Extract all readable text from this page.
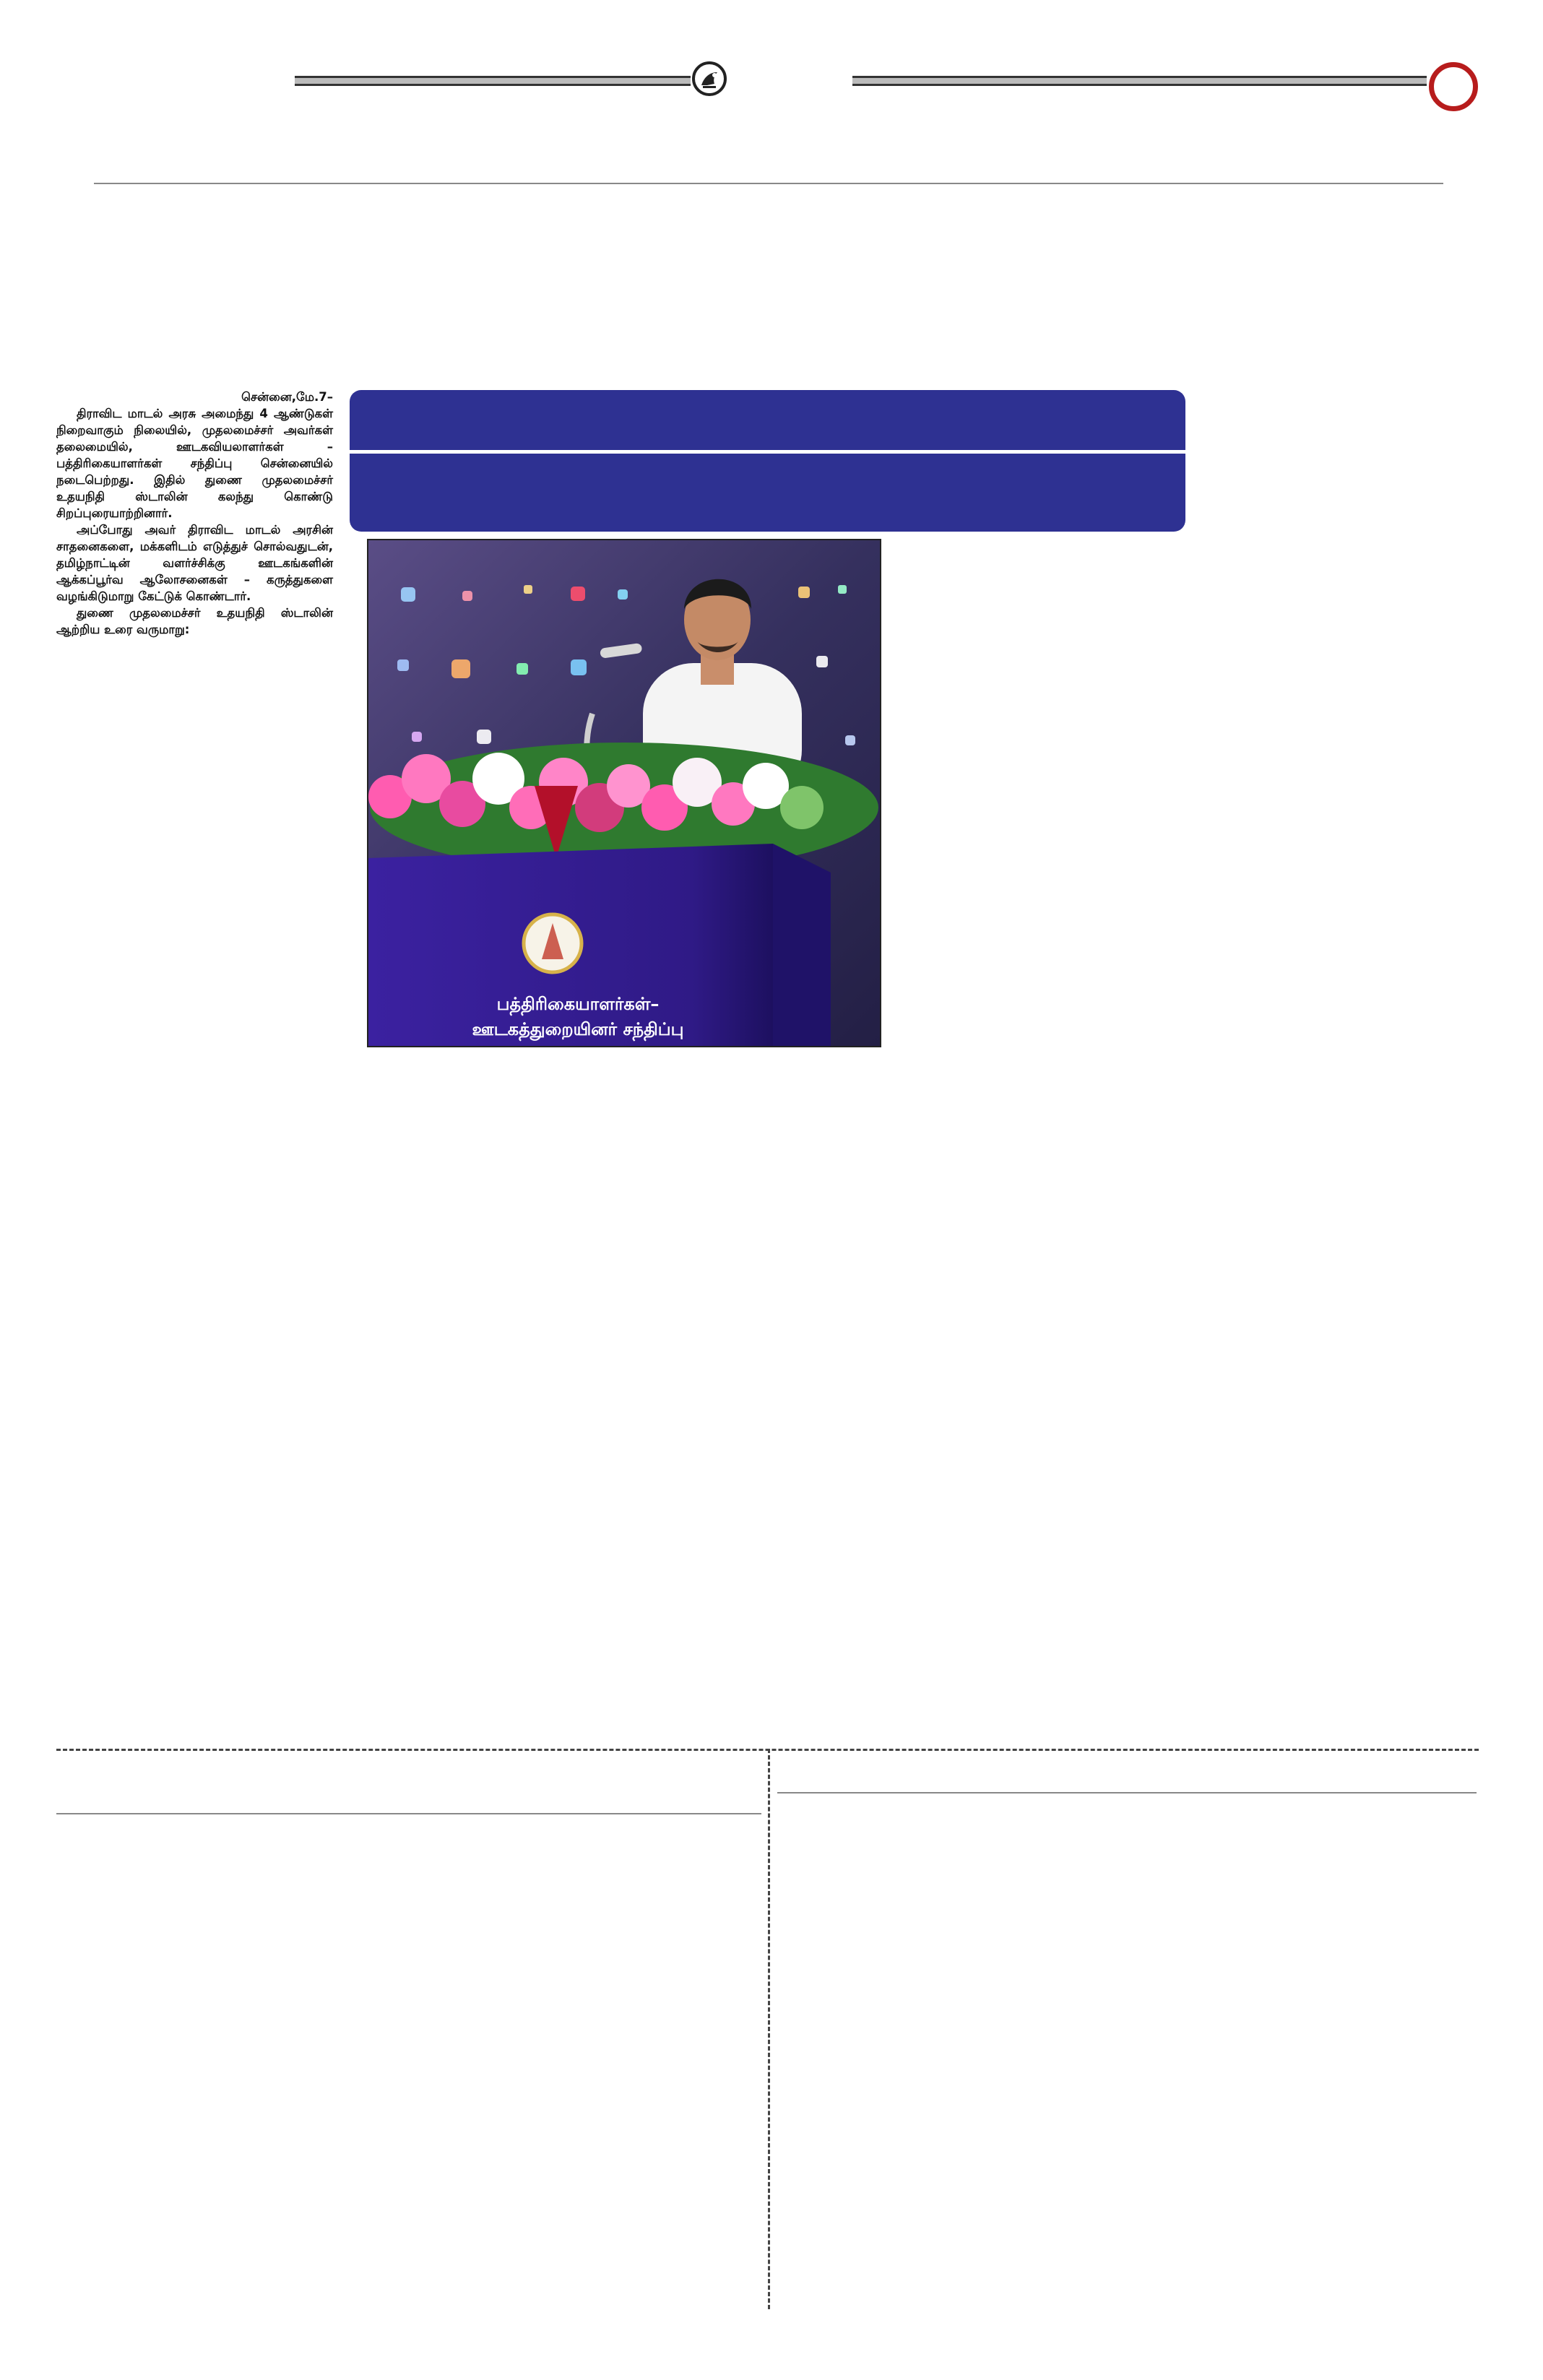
சென்னை,மே.7–

திராவிட மாடல் அரசு அமைந்து 4 ஆண்டுகள் நிறைவாகும் நிலையில், முதலமைச்சர் அவர்கள் தலைமையில், ஊடகவியலாளர்கள் – பத்திரிகையாளர்கள் சந்திப்பு சென்னையில் நடைபெற்றது. இதில் துணை முதலமைச்சர் உதயநிதி ஸ்டாலின் கலந்து கொண்டு சிறப்புரையாற்றினார்.

அப்போது அவர் திராவிட மாடல் அரசின் சாதனைகளை, மக்களிடம் எடுத்துச் சொல்வதுடன், தமிழ்நாட்டின் வளர்ச்சிக்கு ஊடகங்களின் ஆக்கப்பூர்வ ஆலோசனைகள் – கருத்துகளை வழங்கிடுமாறு கேட்டுக் கொண்டார்.

துணை முதலமைச்சர் உதயநிதி ஸ்டாலின் ஆற்றிய உரை வருமாறு:

பத்திரிகையாளர்கள்–
ஊடகத்துறையினர் சந்திப்பு
